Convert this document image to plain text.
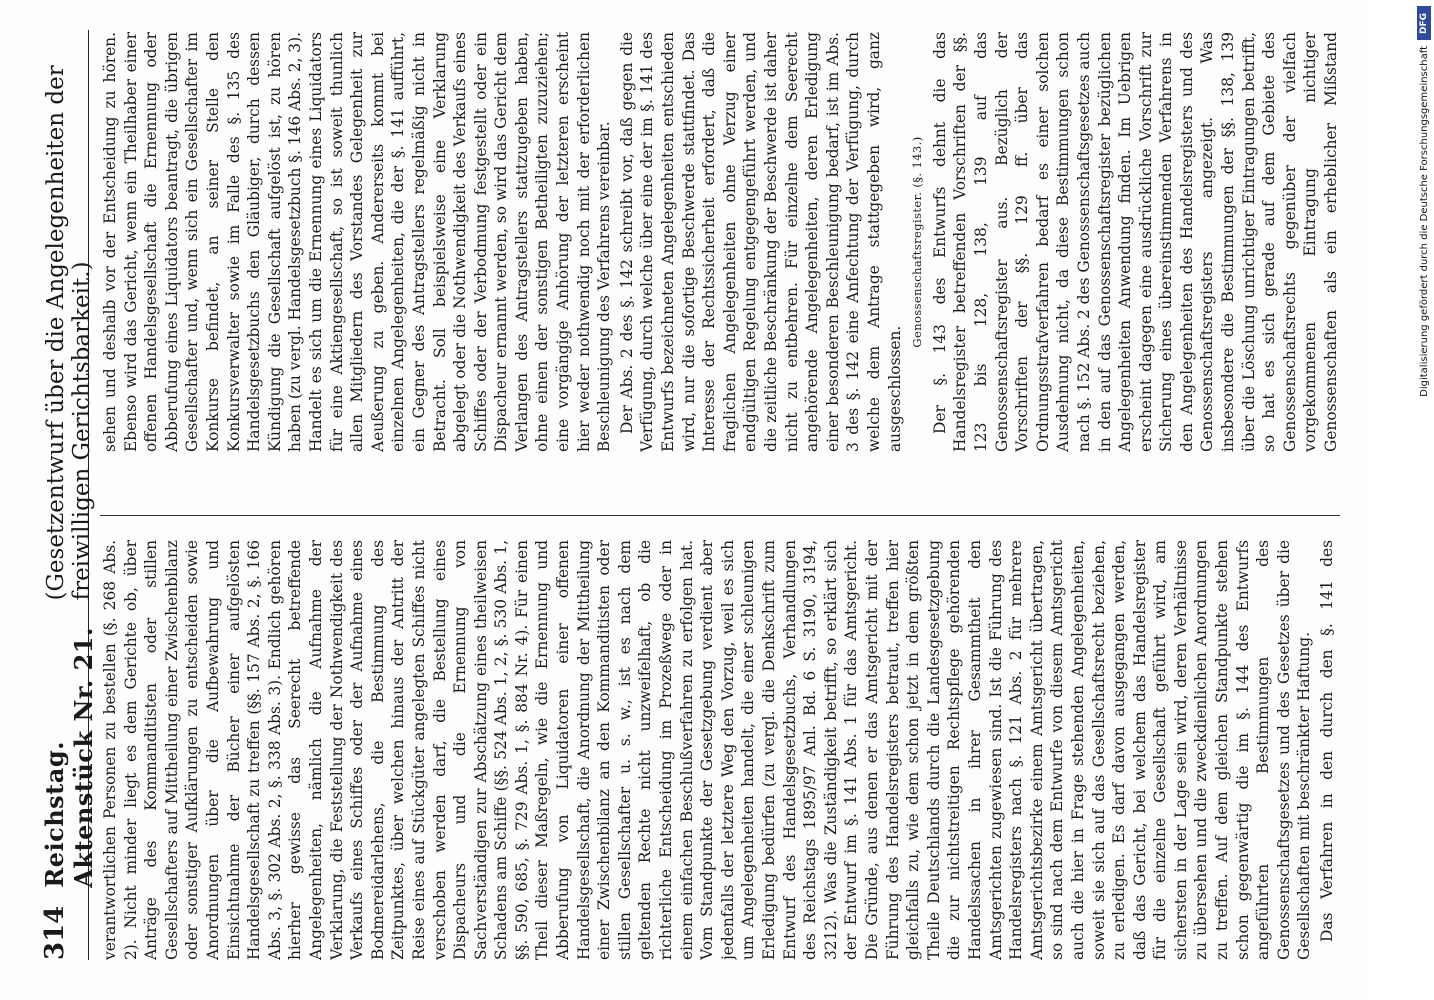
314
Reichstag. Aktenstück Nr. 21.
(Gesetzentwurf über die Angelegenheiten der freiwilligen Gerichtsbarkeit.)

verantwortlichen Personen zu bestellen (§. 268 Abs. 2). Nicht minder liegt es dem Gerichte ob, über Anträge des Kommanditisten oder stillen Gesellschafters auf Mittheilung einer Zwischenbilanz oder sonstiger Aufklärungen zu entscheiden sowie Anordnungen über die Aufbewahrung und Einsichtnahme der Bücher einer aufgelösten Handelsgesellschaft zu treffen (§§. 157 Abs. 2, §. 166 Abs. 3, §. 302 Abs. 2, §. 338 Abs. 3). Endlich gehören hierher gewisse das Seerecht betreffende Angelegenheiten, nämlich die Aufnahme der Verklarung, die Feststellung der Nothwendigkeit des Verkaufs eines Schiffes oder der Aufnahme eines Bodmereidarlehens, die Bestimmung des Zeitpunktes, über welchen hinaus der Antritt der Reise eines auf Stückgüter angelegten Schiffes nicht verschoben werden darf, die Bestellung eines Dispacheurs und die Ernennung von Sachverständigen zur Abschätzung eines theilweisen Schadens am Schiffe (§§. 524 Abs. 1, 2, §. 530 Abs. 1, §§. 590, 685, §. 729 Abs. 1, §. 884 Nr. 4). Für einen Theil dieser Maßregeln, wie die Ernennung und Abberufung von Liquidatoren einer offenen Handelsgesellschaft, die Anordnung der Mittheilung einer Zwischenbilanz an den Kommanditisten oder stillen Gesellschafter u. s. w., ist es nach dem geltenden Rechte nicht unzweifelhaft, ob die richterliche Entscheidung im Prozeßwege oder in einem einfachen Beschlußverfahren zu erfolgen hat. Vom Standpunkte der Gesetzgebung verdient aber jedenfalls der letztere Weg den Vorzug, weil es sich um Angelegenheiten handelt, die einer schleunigen Erledigung bedürfen (zu vergl. die Denkschrift zum Entwurf des Handelsgesetzbuchs, Verhandlungen des Reichstags 1895/97 Anl. Bd. 6 S. 3190, 3194, 3212). Was die Zuständigkeit betrifft, so erklärt sich der Entwurf im §. 141 Abs. 1 für das Amtsgericht. Die Gründe, aus denen er das Amtsgericht mit der Führung des Handelsregisters betraut, treffen hier gleichfalls zu, wie dem schon jetzt in dem größten Theile Deutschlands durch die Landesgesetzgebung die zur nichtstreitigen Rechtspflege gehörenden Handelssachen in ihrer Gesammtheit den Amtsgerichten zugewiesen sind. Ist die Führung des Handelsregisters nach §. 121 Abs. 2 für mehrere Amtsgerichtsbezirke einem Amtsgericht übertragen, so sind nach dem Entwurfe von diesem Amtsgericht auch die hier in Frage stehenden Angelegenheiten, soweit sie sich auf das Gesellschaftsrecht beziehen, zu erledigen. Es darf davon ausgegangen werden, daß das Gericht, bei welchem das Handelsregister für die einzelne Gesellschaft geführt wird, am sichersten in der Lage sein wird, deren Verhältnisse zu übersehen und die zweckdienlichen Anordnungen zu treffen. Auf dem gleichen Standpunkte stehen schon gegenwärtig die im §. 144 des Entwurfs angeführten Bestimmungen des Genossenschaftsgesetzes und des Gesetzes über die Gesellschaften mit beschränkter Haftung. Das Verfahren in den durch den §. 141 des

sehen und deshalb vor der Entscheidung zu hören. Ebenso wird das Gericht, wenn ein Theilhaber einer offenen Handelsgesellschaft die Ernennung oder Abberufung eines Liquidators beantragt, die übrigen Gesellschafter und, wenn sich ein Gesellschafter im Konkurse befindet, an seiner Stelle den Konkursverwalter sowie im Falle des §. 135 des Handelsgesetzbuchs den Gläubiger, durch dessen Kündigung die Gesellschaft aufgelöst ist, zu hören haben (zu vergl. Handelsgesetzbuch §. 146 Abs. 2, 3). Handelt es sich um die Ernennung eines Liquidators für eine Aktiengesellschaft, so ist soweit thunlich allen Mitgliedern des Vorstandes Gelegenheit zur Aeußerung zu geben. Andererseits kommt bei einzelnen Angelegenheiten, die der §. 141 aufführt, ein Gegner des Antragstellers regelmäßig nicht in Betracht. Soll beispielsweise eine Verklarung abgelegt oder die Nothwendigkeit des Verkaufs eines Schiffes oder der Verbodmung festgestellt oder ein Dispacheur ernannt werden, so wird das Gericht dem Verlangen des Antragstellers stattzugeben haben, ohne einen der sonstigen Betheiligten zuzuziehen; eine vorgängige Anhörung der letzteren erscheint hier weder nothwendig noch mit der erforderlichen Beschleunigung des Verfahrens vereinbar. Der Abs. 2 des §. 142 schreibt vor, daß gegen die Verfügung, durch welche über eine der im §. 141 des Entwurfs bezeichneten Angelegenheiten entschieden wird, nur die sofortige Beschwerde stattfindet. Das Interesse der Rechtssicherheit erfordert, daß die fraglichen Angelegenheiten ohne Verzug einer endgültigen Regelung entgegengeführt werden, und die zeitliche Beschränkung der Beschwerde ist daher nicht zu entbehren. Für einzelne dem Seerecht angehörende Angelegenheiten, deren Erledigung einer besonderen Beschleunigung bedarf, ist im Abs. 3 des §. 142 eine Anfechtung der Verfügung, durch welche dem Antrage stattgegeben wird, ganz ausgeschlossen.

Genossenschaftsregister. (§. 143.)

Der §. 143 des Entwurfs dehnt die das Handelsregister betreffenden Vorschriften der §§. 123 bis 128, 138, 139 auf das Genossenschaftsregister aus. Bezüglich der Vorschriften der §§. 129 ff. über das Ordnungsstrafverfahren bedarf es einer solchen Ausdehnung nicht, da diese Bestimmungen schon nach §. 152 Abs. 2 des Genossenschaftsgesetzes auch in den auf das Genossenschaftsregister bezüglichen Angelegenheiten Anwendung finden. Im Uebrigen erscheint dagegen eine ausdrückliche Vorschrift zur Sicherung eines übereinstimmenden Verfahrens in den Angelegenheiten des Handelsregisters und des Genossenschaftsregisters angezeigt. Was insbesondere die Bestimmungen der §§. 138, 139 über die Löschung unrichtiger Eintragungen betrifft, so hat es sich gerade auf dem Gebiete des Genossenschaftsrechts gegenüber der vielfach vorgekommenen Eintragung nichtiger Genossenschaften als ein erheblicher Mißstand

DFG
Digitalisierung gefördert durch die Deutsche Forschungsgemeinschaft
